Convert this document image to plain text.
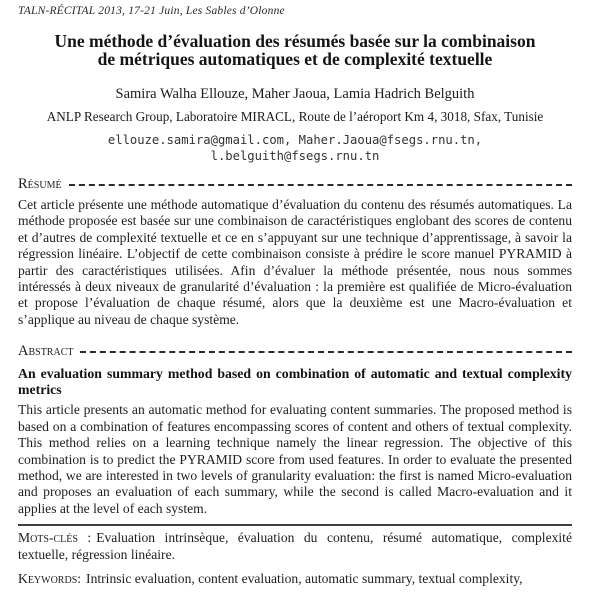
TALN-RÉCITAL 2013, 17-21 Juin, Les Sables d’Olonne
Une méthode d’évaluation des résumés basée sur la combinaison
de métriques automatiques et de complexité textuelle
Samira Walha Ellouze, Maher Jaoua, Lamia Hadrich Belguith
ANLP Research Group, Laboratoire MIRACL, Route de l’aéroport Km 4, 3018, Sfax, Tunisie
ellouze.samira@gmail.com, Maher.Jaoua@fsegs.rnu.tn,
l.belguith@fsegs.rnu.tn
Résumé

Cet article présente une méthode automatique d’évaluation du contenu des résumés automatiques. La méthode proposée est basée sur une combinaison de caractéristiques englobant des scores de contenu et d’autres de complexité textuelle et ce en s’appuyant sur une technique d’apprentissage, à savoir la régression linéaire. L’objectif de cette combinaison consiste à prédire le score manuel PYRAMID à partir des caractéristiques utilisées. Afin d’évaluer la méthode présentée, nous nous sommes intéressés à deux niveaux de granularité d’évaluation : la première est qualifiée de Micro-évaluation et propose l’évaluation de chaque résumé, alors que la deuxième est une Macro-évaluation et s’applique au niveau de chaque système.

Abstract
An evaluation summary method based on combination of automatic and textual complexity metrics

This article presents an automatic method for evaluating content summaries. The proposed method is based on a combination of features encompassing scores of content and others of textual complexity. This method relies on a learning technique namely the linear regression. The objective of this combination is to predict the PYRAMID score from used features. In order to evaluate the presented method, we are interested in two levels of granularity evaluation: the first is named Micro-evaluation and proposes an evaluation of each summary, while the second is called Macro-evaluation and it applies at the level of each system.

Mots-clés : Evaluation intrinsèque, évaluation du contenu, résumé automatique, complexité textuelle, régression linéaire.

Keywords: Intrinsic evaluation, content evaluation, automatic summary, textual complexity,
